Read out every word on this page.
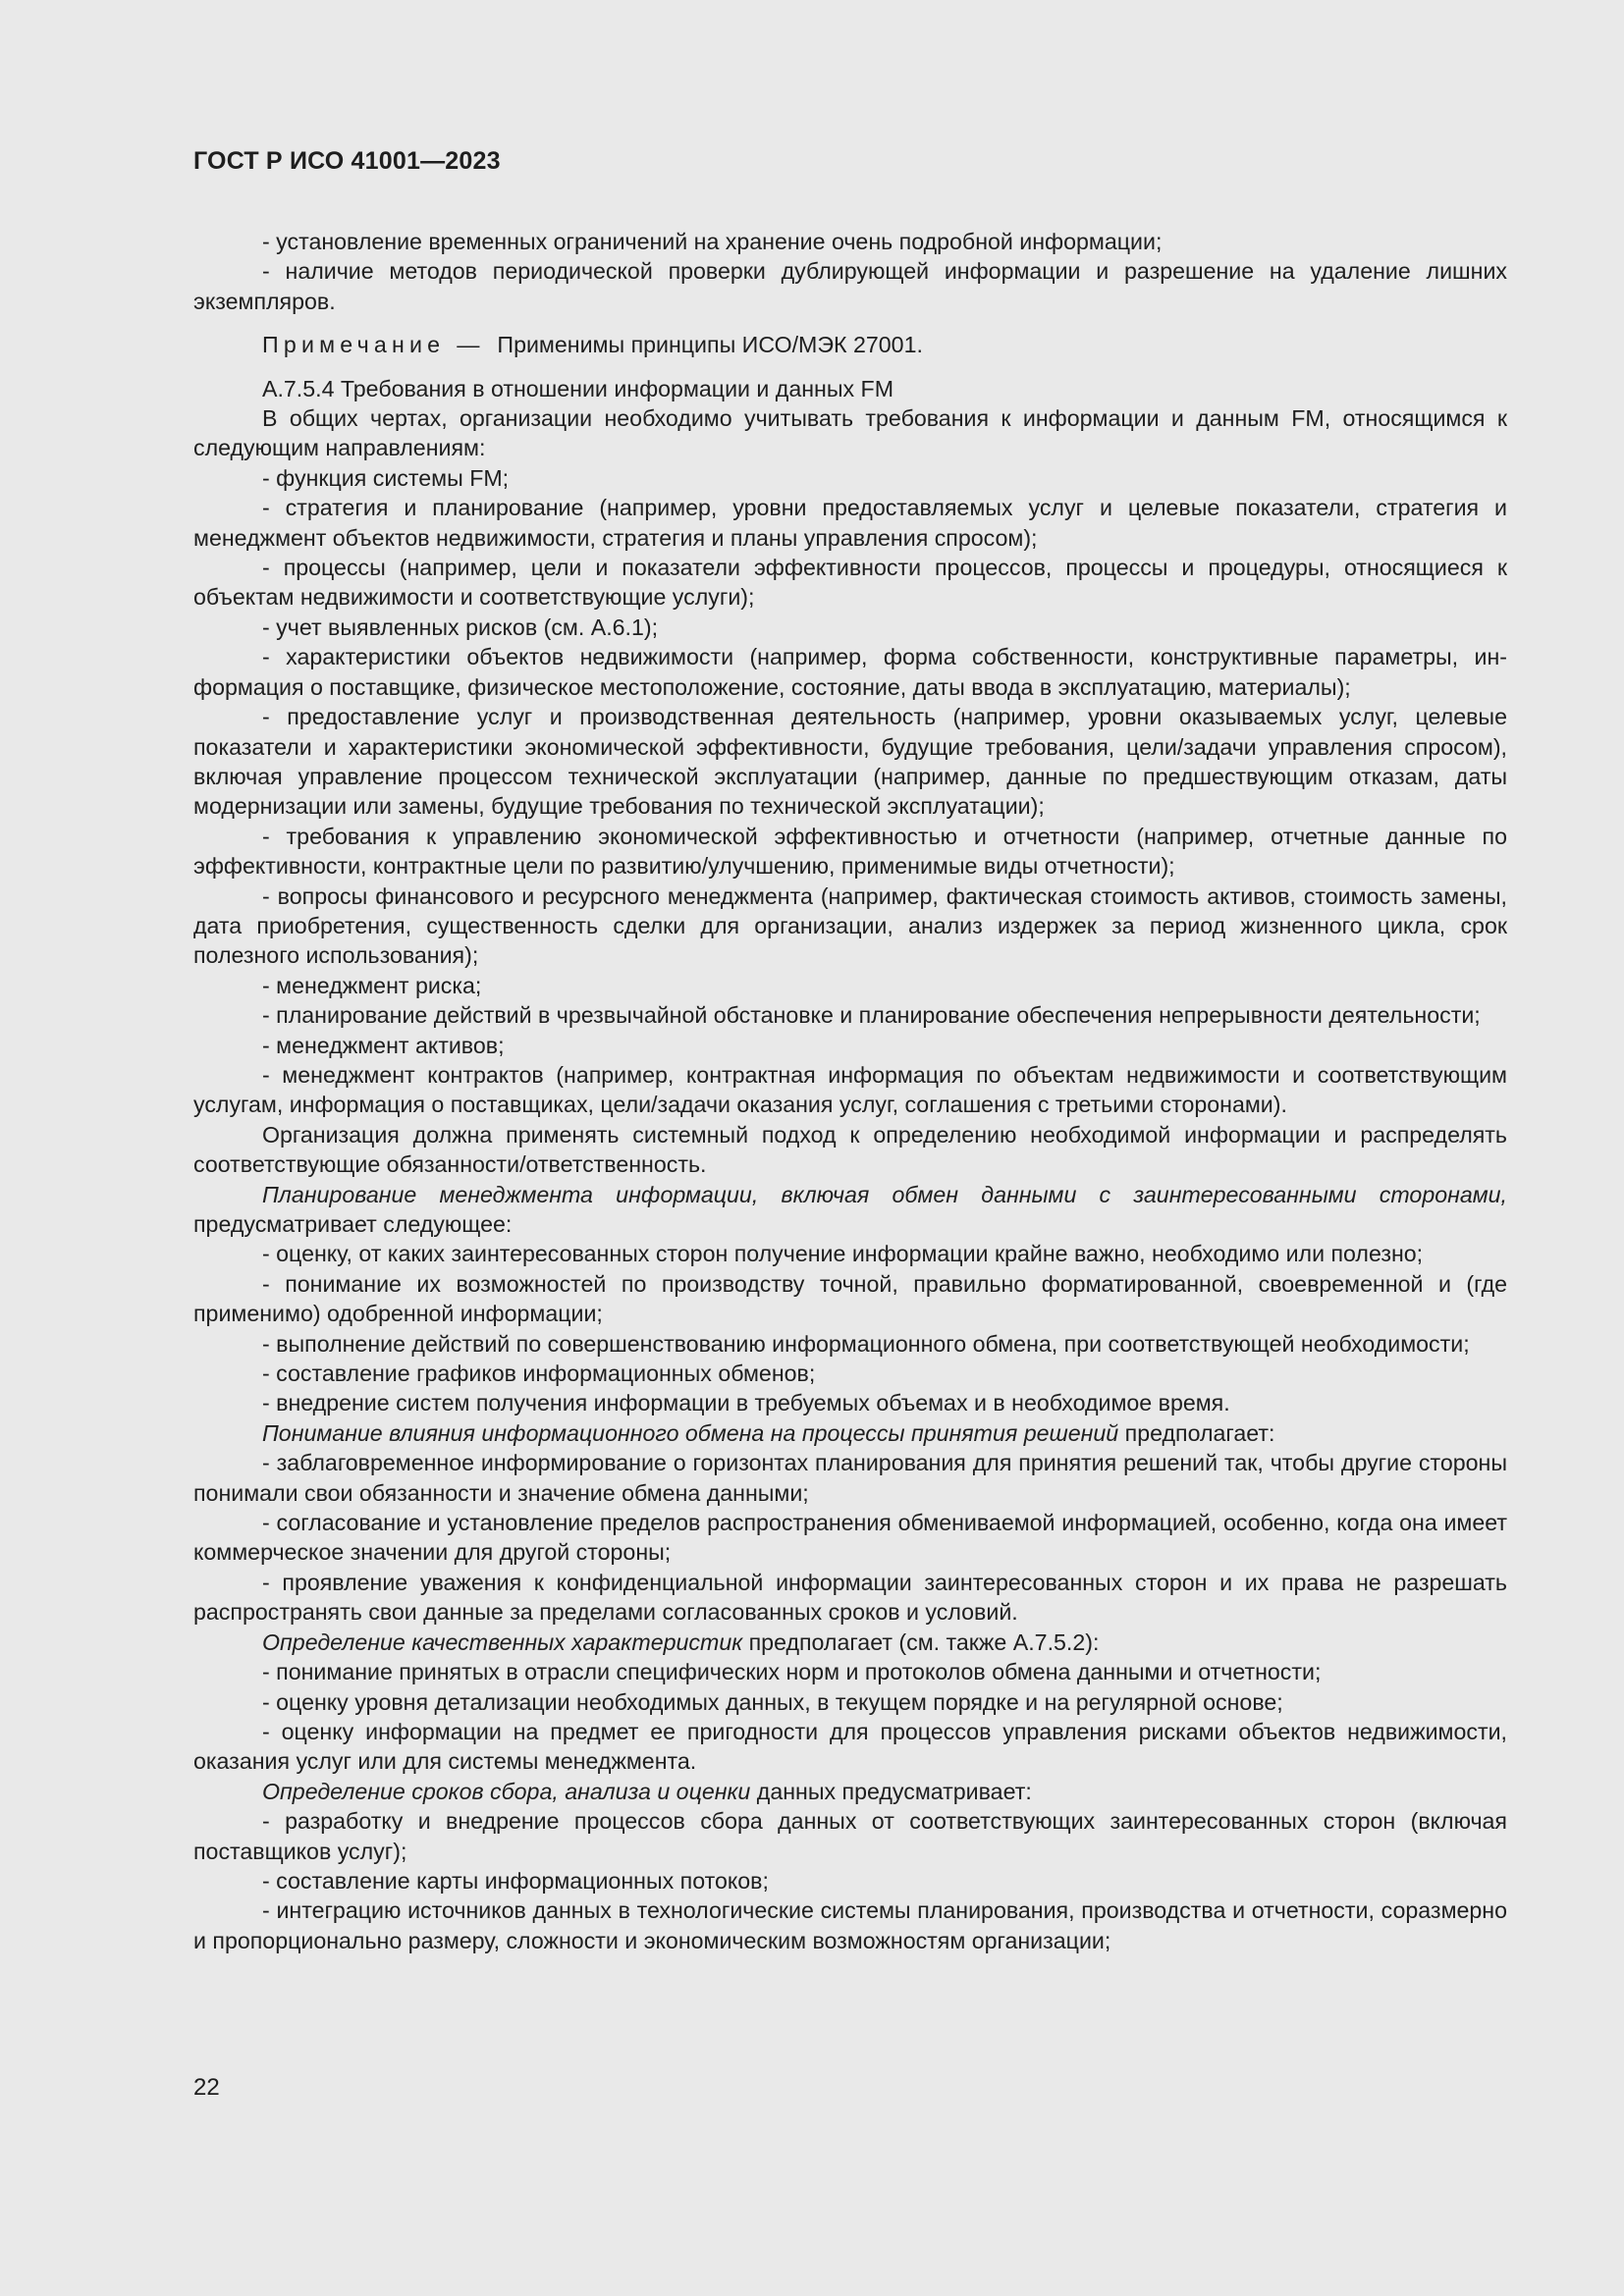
ГОСТ Р ИСО 41001—2023

- установление временных ограничений на хранение очень подробной информации;

- наличие методов периодической проверки дублирующей информации и разрешение на удаление лишних экземпляров.

Примечание — Применимы принципы ИСО/МЭК 27001.

А.7.5.4 Требования в отношении информации и данных FM

В общих чертах, организации необходимо учитывать требования к информации и данным FM, относящимся к следующим направлениям:

- функция системы FM;

- стратегия и планирование (например, уровни предоставляемых услуг и целевые показатели, стратегия и менеджмент объектов недвижимости, стратегия и планы управления спросом);

- процессы (например, цели и показатели эффективности процессов, процессы и процедуры, относящиеся к объектам недвижимости и соответствующие услуги);

- учет выявленных рисков (см. А.6.1);

- характеристики объектов недвижимости (например, форма собственности, конструктивные параметры, информация о поставщике, физическое местоположение, состояние, даты ввода в эксплуатацию, материалы);

- предоставление услуг и производственная деятельность (например, уровни оказываемых услуг, целевые показатели и характеристики экономической эффективности, будущие требования, цели/задачи управления спросом), включая управление процессом технической эксплуатации (например, данные по предшествующим отказам, даты модернизации или замены, будущие требования по технической эксплуатации);

- требования к управлению экономической эффективностью и отчетности (например, отчетные данные по эффективности, контрактные цели по развитию/улучшению, применимые виды отчетности);

- вопросы финансового и ресурсного менеджмента (например, фактическая стоимость активов, стоимость замены, дата приобретения, существенность сделки для организации, анализ издержек за период жизненного цикла, срок полезного использования);

- менеджмент риска;

- планирование действий в чрезвычайной обстановке и планирование обеспечения непрерывности деятельности;

- менеджмент активов;

- менеджмент контрактов (например, контрактная информация по объектам недвижимости и соответствующим услугам, информация о поставщиках, цели/задачи оказания услуг, соглашения с третьими сторонами).

Организация должна применять системный подход к определению необходимой информации и распределять соответствующие обязанности/ответственность.

Планирование менеджмента информации, включая обмен данными с заинтересованными сторонами, предусматривает следующее:

- оценку, от каких заинтересованных сторон получение информации крайне важно, необходимо или полезно;

- понимание их возможностей по производству точной, правильно форматированной, своевременной и (где применимо) одобренной информации;

- выполнение действий по совершенствованию информационного обмена, при соответствующей необходимости;

- составление графиков информационных обменов;

- внедрение систем получения информации в требуемых объемах и в необходимое время.

Понимание влияния информационного обмена на процессы принятия решений предполагает:

- заблаговременное информирование о горизонтах планирования для принятия решений так, чтобы другие стороны понимали свои обязанности и значение обмена данными;

- согласование и установление пределов распространения обмениваемой информацией, особенно, когда она имеет коммерческое значении для другой стороны;

- проявление уважения к конфиденциальной информации заинтересованных сторон и их права не разрешать распространять свои данные за пределами согласованных сроков и условий.

Определение качественных характеристик предполагает (см. также А.7.5.2):

- понимание принятых в отрасли специфических норм и протоколов обмена данными и отчетности;

- оценку уровня детализации необходимых данных, в текущем порядке и на регулярной основе;

- оценку информации на предмет ее пригодности для процессов управления рисками объектов недвижимости, оказания услуг или для системы менеджмента.

Определение сроков сбора, анализа и оценки данных предусматривает:

- разработку и внедрение процессов сбора данных от соответствующих заинтересованных сторон (включая поставщиков услуг);

- составление карты информационных потоков;

- интеграцию источников данных в технологические системы планирования, производства и отчетности, соразмерно и пропорционально размеру, сложности и экономическим возможностям организации;

22
